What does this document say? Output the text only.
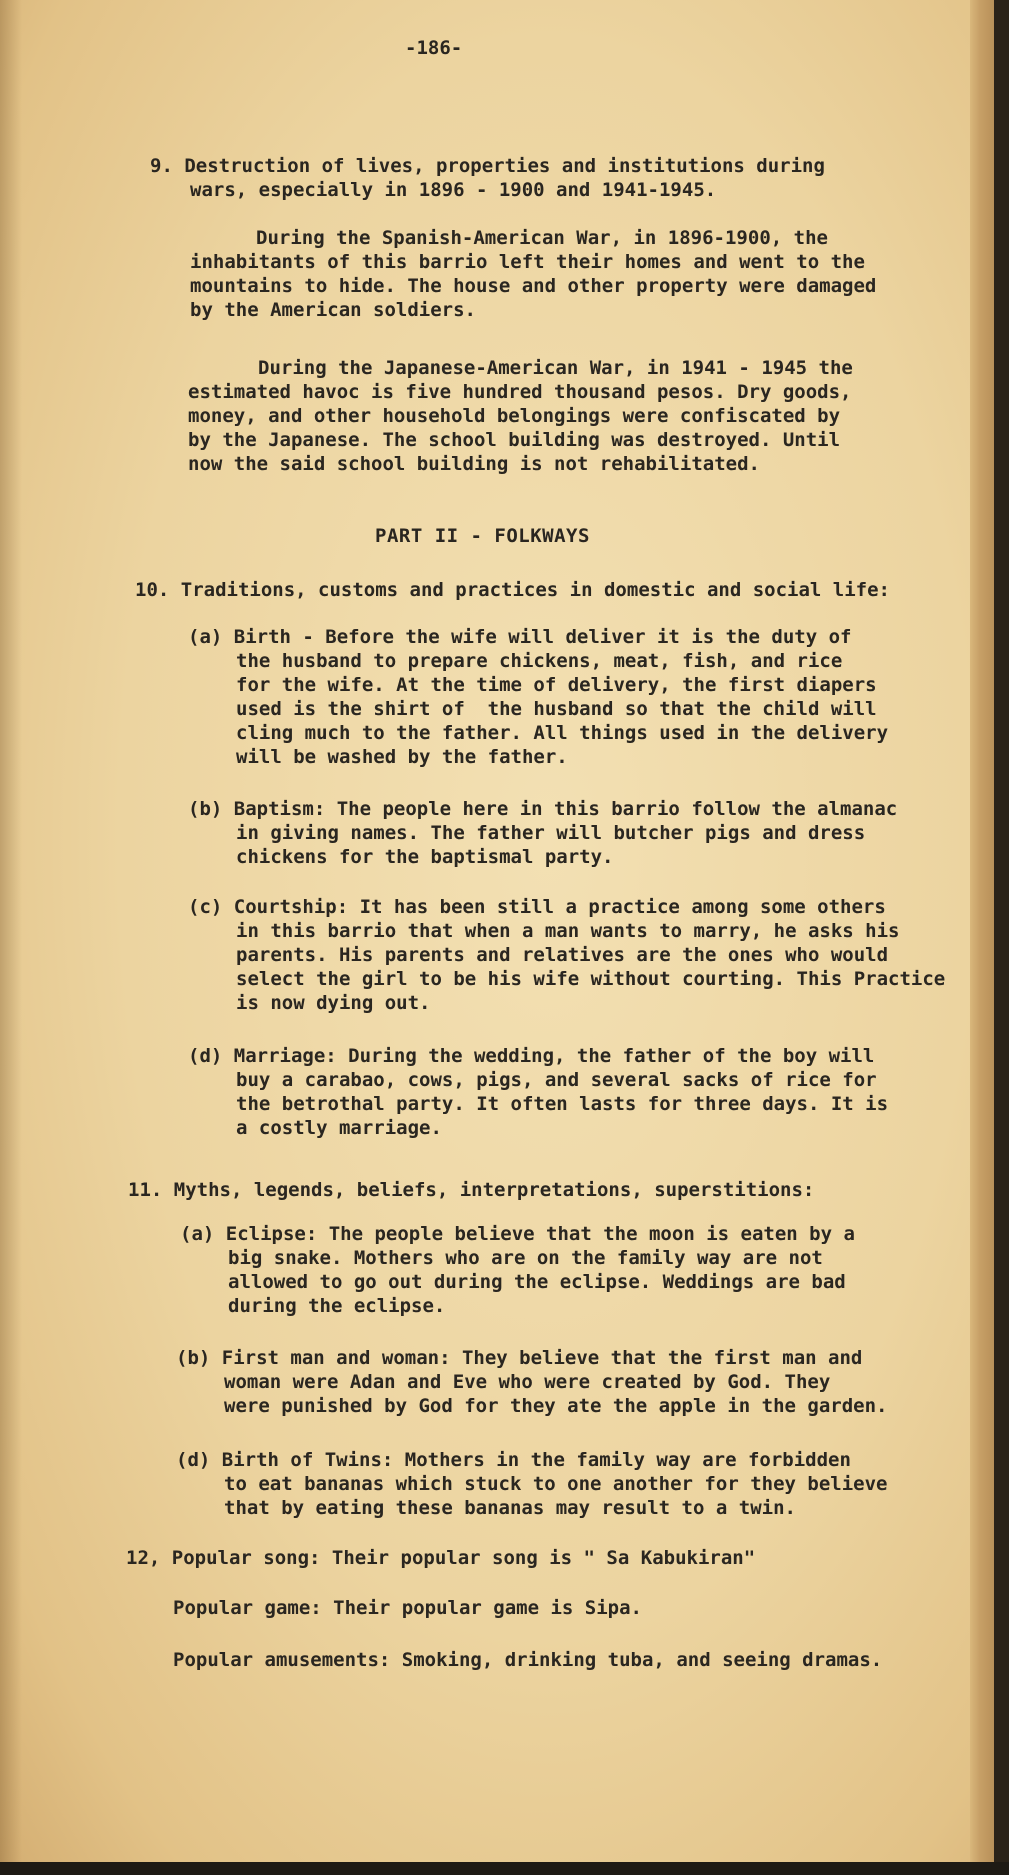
-186-
9. Destruction of lives, properties and institutions during
wars, especially in 1896 - 1900 and 1941-1945.
During the Spanish-American War, in 1896-1900, the
inhabitants of this barrio left their homes and went to the
mountains to hide. The house and other property were damaged
by the American soldiers.
During the Japanese-American War, in 1941 - 1945 the
estimated havoc is five hundred thousand pesos. Dry goods,
money, and other household belongings were confiscated by
by the Japanese. The school building was destroyed. Until
now the said school building is not rehabilitated.
PART II - FOLKWAYS
10. Traditions, customs and practices in domestic and social life:
(a) Birth - Before the wife will deliver it is the duty of
the husband to prepare chickens, meat, fish, and rice
for the wife. At the time of delivery, the first diapers
used is the shirt of  the husband so that the child will
cling much to the father. All things used in the delivery
will be washed by the father.
(b) Baptism: The people here in this barrio follow the almanac
in giving names. The father will butcher pigs and dress
chickens for the baptismal party.
(c) Courtship: It has been still a practice among some others
in this barrio that when a man wants to marry, he asks his
parents. His parents and relatives are the ones who would
select the girl to be his wife without courting. This Practice
is now dying out.
(d) Marriage: During the wedding, the father of the boy will
buy a carabao, cows, pigs, and several sacks of rice for
the betrothal party. It often lasts for three days. It is
a costly marriage.
11. Myths, legends, beliefs, interpretations, superstitions:
(a) Eclipse: The people believe that the moon is eaten by a
big snake. Mothers who are on the family way are not
allowed to go out during the eclipse. Weddings are bad
during the eclipse.
(b) First man and woman: They believe that the first man and
woman were Adan and Eve who were created by God. They
were punished by God for they ate the apple in the garden.
(d) Birth of Twins: Mothers in the family way are forbidden
to eat bananas which stuck to one another for they believe
that by eating these bananas may result to a twin.
12, Popular song: Their popular song is " Sa Kabukiran"
Popular game: Their popular game is Sipa.
Popular amusements: Smoking, drinking tuba, and seeing dramas.
